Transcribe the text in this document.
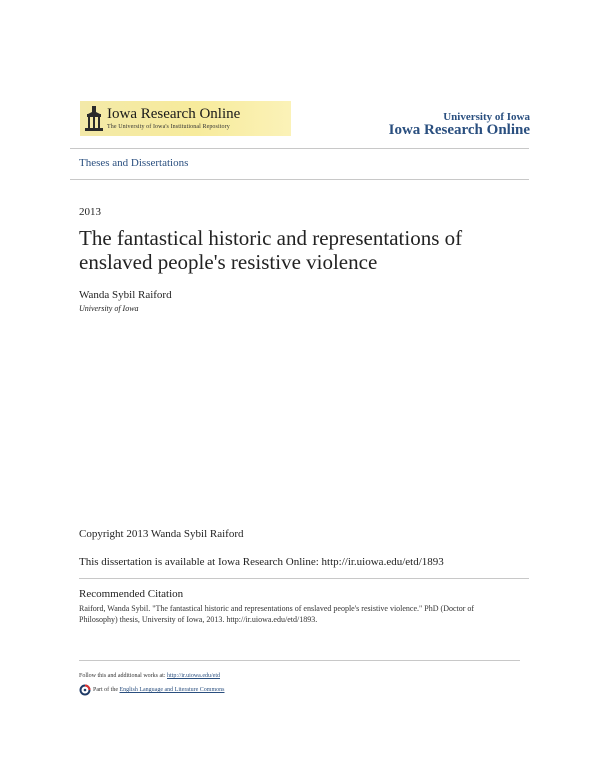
Iowa Research Online
The University of Iowa's Institutional Repository
University of Iowa
Iowa Research Online
Theses and Dissertations
2013
The fantastical historic and representations of enslaved people's resistive violence
Wanda Sybil Raiford
University of Iowa
Copyright 2013 Wanda Sybil Raiford
This dissertation is available at Iowa Research Online: http://ir.uiowa.edu/etd/1893
Recommended Citation
Raiford, Wanda Sybil. "The fantastical historic and representations of enslaved people's resistive violence." PhD (Doctor of Philosophy) thesis, University of Iowa, 2013. http://ir.uiowa.edu/etd/1893.
Follow this and additional works at: http://ir.uiowa.edu/etd
Part of the English Language and Literature Commons
